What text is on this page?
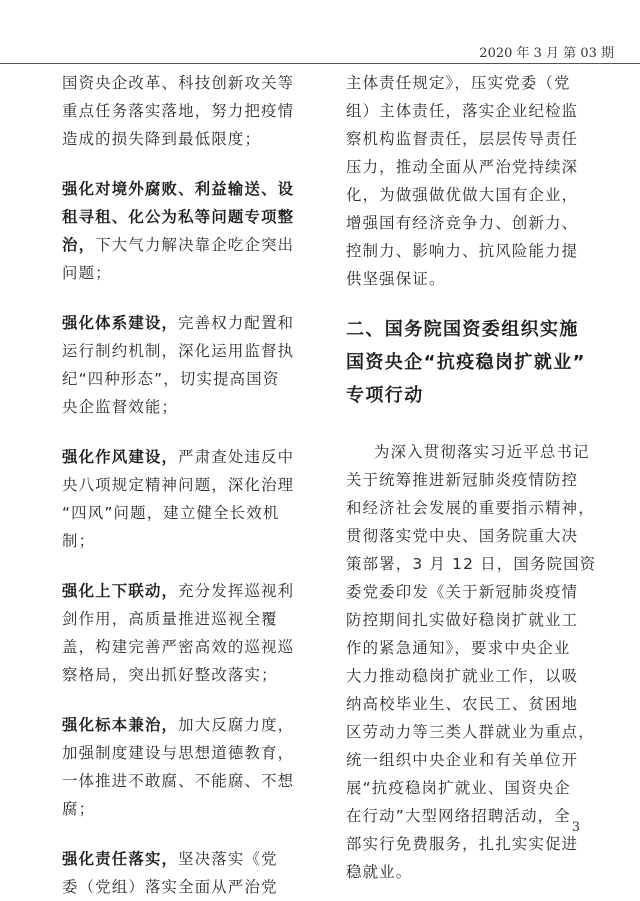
2020 年 3 月 第 03 期
国资央企改革、科技创新攻关等
重点任务落实落地，努力把疫情
造成的损失降到最低限度；
强化对境外腐败、利益输送、设
租寻租、化公为私等问题专项整
治，下大气力解决靠企吃企突出
问题；
强化体系建设，完善权力配置和
运行制约机制，深化运用监督执
纪“四种形态”，切实提高国资
央企监督效能；
强化作风建设，严肃查处违反中
央八项规定精神问题，深化治理
“四风”问题，建立健全长效机
制；
强化上下联动，充分发挥巡视利
剑作用，高质量推进巡视全覆
盖，构建完善严密高效的巡视巡
察格局，突出抓好整改落实；
强化标本兼治，加大反腐力度，
加强制度建设与思想道德教育，
一体推进不敢腐、不能腐、不想
腐；
强化责任落实，坚决落实《党
委（党组）落实全面从严治党
主体责任规定》，压实党委（党
组）主体责任，落实企业纪检监
察机构监督责任，层层传导责任
压力，推动全面从严治党持续深
化，为做强做优做大国有企业，
增强国有经济竞争力、创新力、
控制力、影响力、抗风险能力提
供坚强保证。
二、国务院国资委组织实施
国资央企“抗疫稳岗扩就业”
专项行动
为深入贯彻落实习近平总书记
关于统筹推进新冠肺炎疫情防控
和经济社会发展的重要指示精神，
贯彻落实党中央、国务院重大决
策部署，3 月 12 日，国务院国资
委党委印发《关于新冠肺炎疫情
防控期间扎实做好稳岗扩就业工
作的紧急通知》，要求中央企业
大力推动稳岗扩就业工作，以吸
纳高校毕业生、农民工、贫困地
区劳动力等三类人群就业为重点，
统一组织中央企业和有关单位开
展“抗疫稳岗扩就业、国资央企
在行动”大型网络招聘活动，全
部实行免费服务，扎扎实实促进
稳就业。
3
